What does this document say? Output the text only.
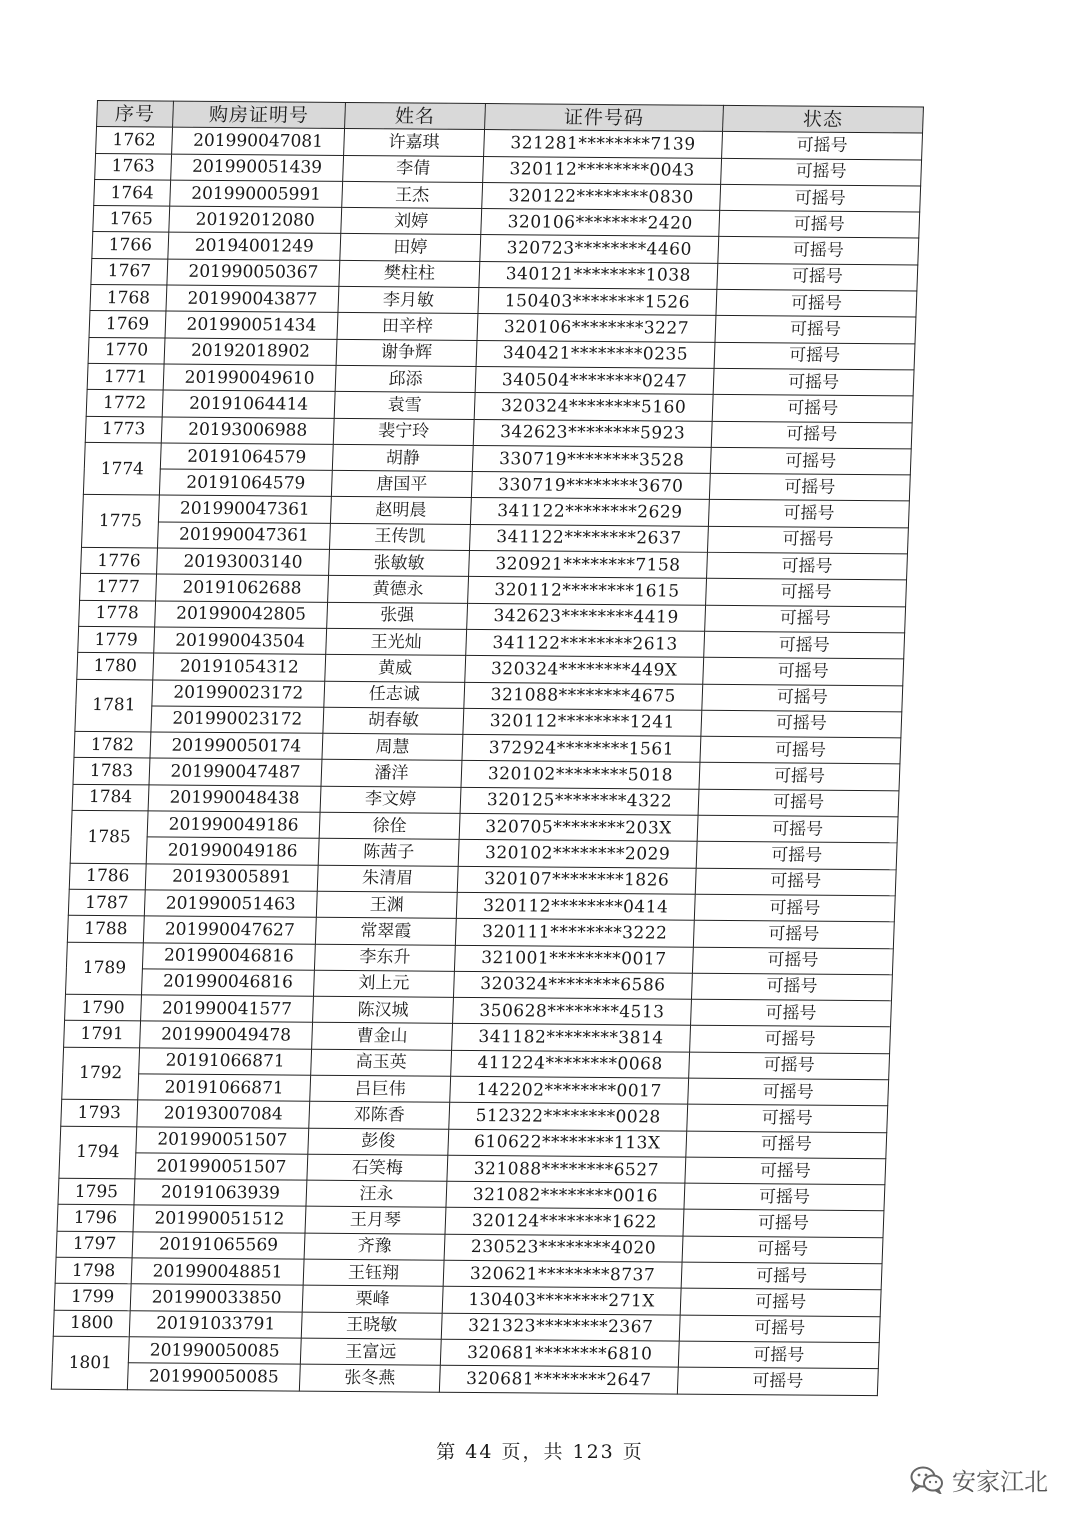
序号	购房证明号	姓名	证件号码	状态
1762	201990047081	许嘉琪	321281********7139	可摇号
1763	201990051439	李倩	320112********0043	可摇号
1764	201990005991	王杰	320122********0830	可摇号
1765	20192012080	刘婷	320106********2420	可摇号
1766	20194001249	田婷	320723********4460	可摇号
1767	201990050367	樊柱柱	340121********1038	可摇号
1768	201990043877	李月敏	150403********1526	可摇号
1769	201990051434	田辛梓	320106********3227	可摇号
1770	20192018902	谢争辉	340421********0235	可摇号
1771	201990049610	邱添	340504********0247	可摇号
1772	20191064414	袁雪	320324********5160	可摇号
1773	20193006988	裴宁玲	342623********5923	可摇号
1774	20191064579	胡静	330719********3528	可摇号
	20191064579	唐国平	330719********3670	可摇号
1775	201990047361	赵明晨	341122********2629	可摇号
	201990047361	王传凯	341122********2637	可摇号
1776	20193003140	张敏敏	320921********7158	可摇号
1777	20191062688	黄德永	320112********1615	可摇号
1778	201990042805	张强	342623********4419	可摇号
1779	201990043504	王光灿	341122********2613	可摇号
1780	20191054312	黄威	320324********449X	可摇号
1781	201990023172	任志诚	321088********4675	可摇号
	201990023172	胡春敏	320112********1241	可摇号
1782	201990050174	周慧	372924********1561	可摇号
1783	201990047487	潘洋	320102********5018	可摇号
1784	201990048438	李文婷	320125********4322	可摇号
1785	201990049186	徐佺	320705********203X	可摇号
	201990049186	陈茜子	320102********2029	可摇号
1786	20193005891	朱清眉	320107********1826	可摇号
1787	201990051463	王渊	320112********0414	可摇号
1788	201990047627	常翠霞	320111********3222	可摇号
1789	201990046816	李东升	321001********0017	可摇号
	201990046816	刘上元	320324********6586	可摇号
1790	201990041577	陈汉城	350628********4513	可摇号
1791	201990049478	曹金山	341182********3814	可摇号
1792	20191066871	高玉英	411224********0068	可摇号
	20191066871	吕巨伟	142202********0017	可摇号
1793	20193007084	邓陈香	512322********0028	可摇号
1794	201990051507	彭俊	610622********113X	可摇号
	201990051507	石笑梅	321088********6527	可摇号
1795	20191063939	汪永	321082********0016	可摇号
1796	201990051512	王月琴	320124********1622	可摇号
1797	20191065569	齐豫	230523********4020	可摇号
1798	201990048851	王钰翔	320621********8737	可摇号
1799	201990033850	栗峰	130403********271X	可摇号
1800	20191033791	王晓敏	321323********2367	可摇号
1801	201990050085	王富远	320681********6810	可摇号
	201990050085	张冬燕	320681********2647	可摇号
第 44 页，共 123 页
安家江北
